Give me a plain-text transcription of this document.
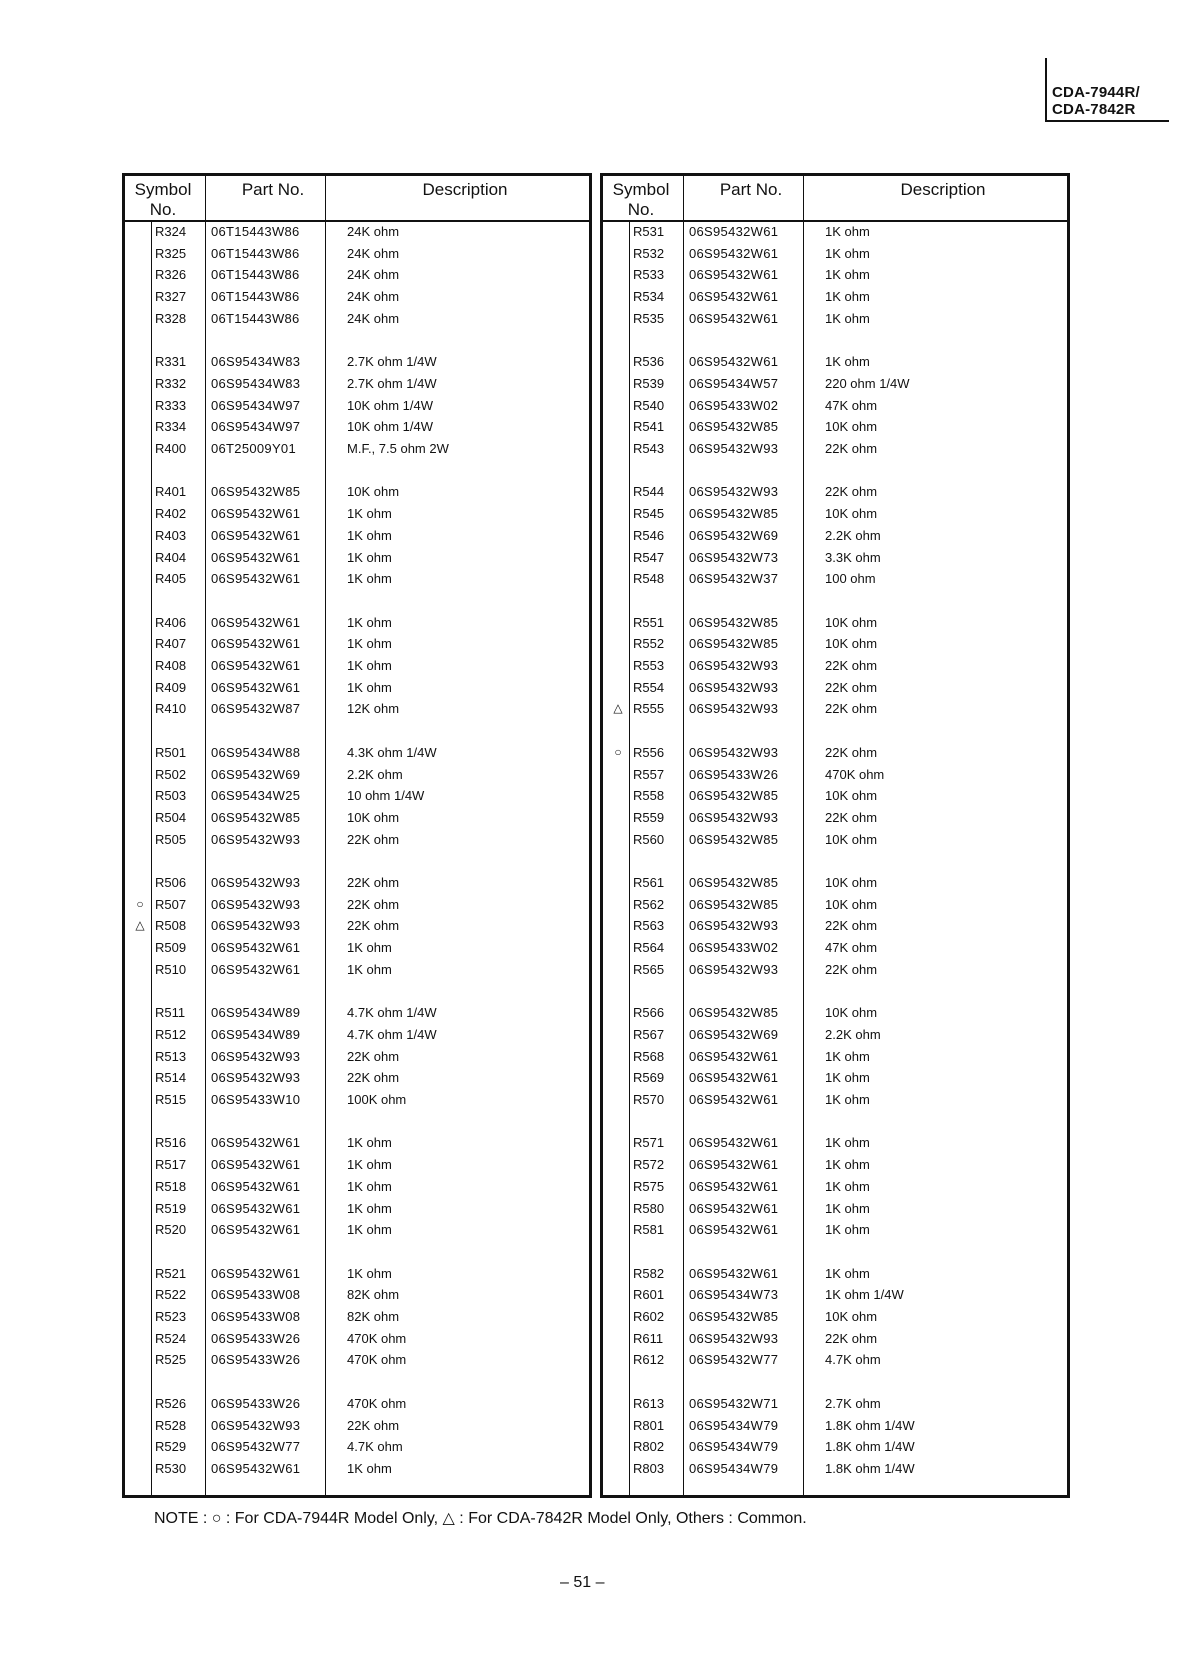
CDA-7944R/
CDA-7842R
Symbol
No.
Part No.	Description
R324 06T15443W86	24K ohm
R325 06T15443W86	24K ohm
R326 06T15443W86	24K ohm
R327 06T15443W86	24K ohm
R328 06T15443W86	24K ohm
R331 06S95434W83	2.7K ohm 1/4W
R332 06S95434W83	2.7K ohm 1/4W
R333 06S95434W97	10K ohm 1/4W
R334 06S95434W97	10K ohm 1/4W
R400 06T25009Y01	M.F., 7.5 ohm 2W
R401 06S95432W85	10K ohm
R402 06S95432W61	1K ohm
R403 06S95432W61	1K ohm
R404 06S95432W61	1K ohm
R405 06S95432W61	1K ohm
R406 06S95432W61	1K ohm
R407 06S95432W61	1K ohm
R408 06S95432W61	1K ohm
R409 06S95432W61	1K ohm
R410 06S95432W87	12K ohm
R501 06S95434W88	4.3K ohm 1/4W
R502 06S95432W69	2.2K ohm
R503 06S95434W25	10 ohm 1/4W
R504 06S95432W85	10K ohm
R505 06S95432W93	22K ohm
R506 06S95432W93	22K ohm
○ R507 06S95432W93	22K ohm
△ R508 06S95432W93	22K ohm
R509 06S95432W61	1K ohm
R510 06S95432W61	1K ohm
R511 06S95434W89	4.7K ohm 1/4W
R512 06S95434W89	4.7K ohm 1/4W
R513 06S95432W93	22K ohm
R514 06S95432W93	22K ohm
R515 06S95433W10	100K ohm
R516 06S95432W61	1K ohm
R517 06S95432W61	1K ohm
R518 06S95432W61	1K ohm
R519 06S95432W61	1K ohm
R520 06S95432W61	1K ohm
R521 06S95432W61	1K ohm
R522 06S95433W08	82K ohm
R523 06S95433W08	82K ohm
R524 06S95433W26	470K ohm
R525 06S95433W26	470K ohm
R526 06S95433W26	470K ohm
R528 06S95432W93	22K ohm
R529 06S95432W77	4.7K ohm
R530 06S95432W61	1K ohm
Symbol
No.
Part No.	Description
R531 06S95432W61	1K ohm
R532 06S95432W61	1K ohm
R533 06S95432W61	1K ohm
R534 06S95432W61	1K ohm
R535 06S95432W61	1K ohm
R536 06S95432W61	1K ohm
R539 06S95434W57	220 ohm 1/4W
R540 06S95433W02	47K ohm
R541 06S95432W85	10K ohm
R543 06S95432W93	22K ohm
R544 06S95432W93	22K ohm
R545 06S95432W85	10K ohm
R546 06S95432W69	2.2K ohm
R547 06S95432W73	3.3K ohm
R548 06S95432W37	100 ohm
R551 06S95432W85	10K ohm
R552 06S95432W85	10K ohm
R553 06S95432W93	22K ohm
R554 06S95432W93	22K ohm
△ R555 06S95432W93	22K ohm
○ R556 06S95432W93	22K ohm
R557 06S95433W26	470K ohm
R558 06S95432W85	10K ohm
R559 06S95432W93	22K ohm
R560 06S95432W85	10K ohm
R561 06S95432W85	10K ohm
R562 06S95432W85	10K ohm
R563 06S95432W93	22K ohm
R564 06S95433W02	47K ohm
R565 06S95432W93	22K ohm
R566 06S95432W85	10K ohm
R567 06S95432W69	2.2K ohm
R568 06S95432W61	1K ohm
R569 06S95432W61	1K ohm
R570 06S95432W61	1K ohm
R571 06S95432W61	1K ohm
R572 06S95432W61	1K ohm
R575 06S95432W61	1K ohm
R580 06S95432W61	1K ohm
R581 06S95432W61	1K ohm
R582 06S95432W61	1K ohm
R601 06S95434W73	1K ohm 1/4W
R602 06S95432W85	10K ohm
R611 06S95432W93	22K ohm
R612 06S95432W77	4.7K ohm
R613 06S95432W71	2.7K ohm
R801 06S95434W79	1.8K ohm 1/4W
R802 06S95434W79	1.8K ohm 1/4W
R803 06S95434W79	1.8K ohm 1/4W
NOTE : ○ : For CDA-7944R Model Only, △ : For CDA-7842R Model Only, Others : Common.
– 51 –
